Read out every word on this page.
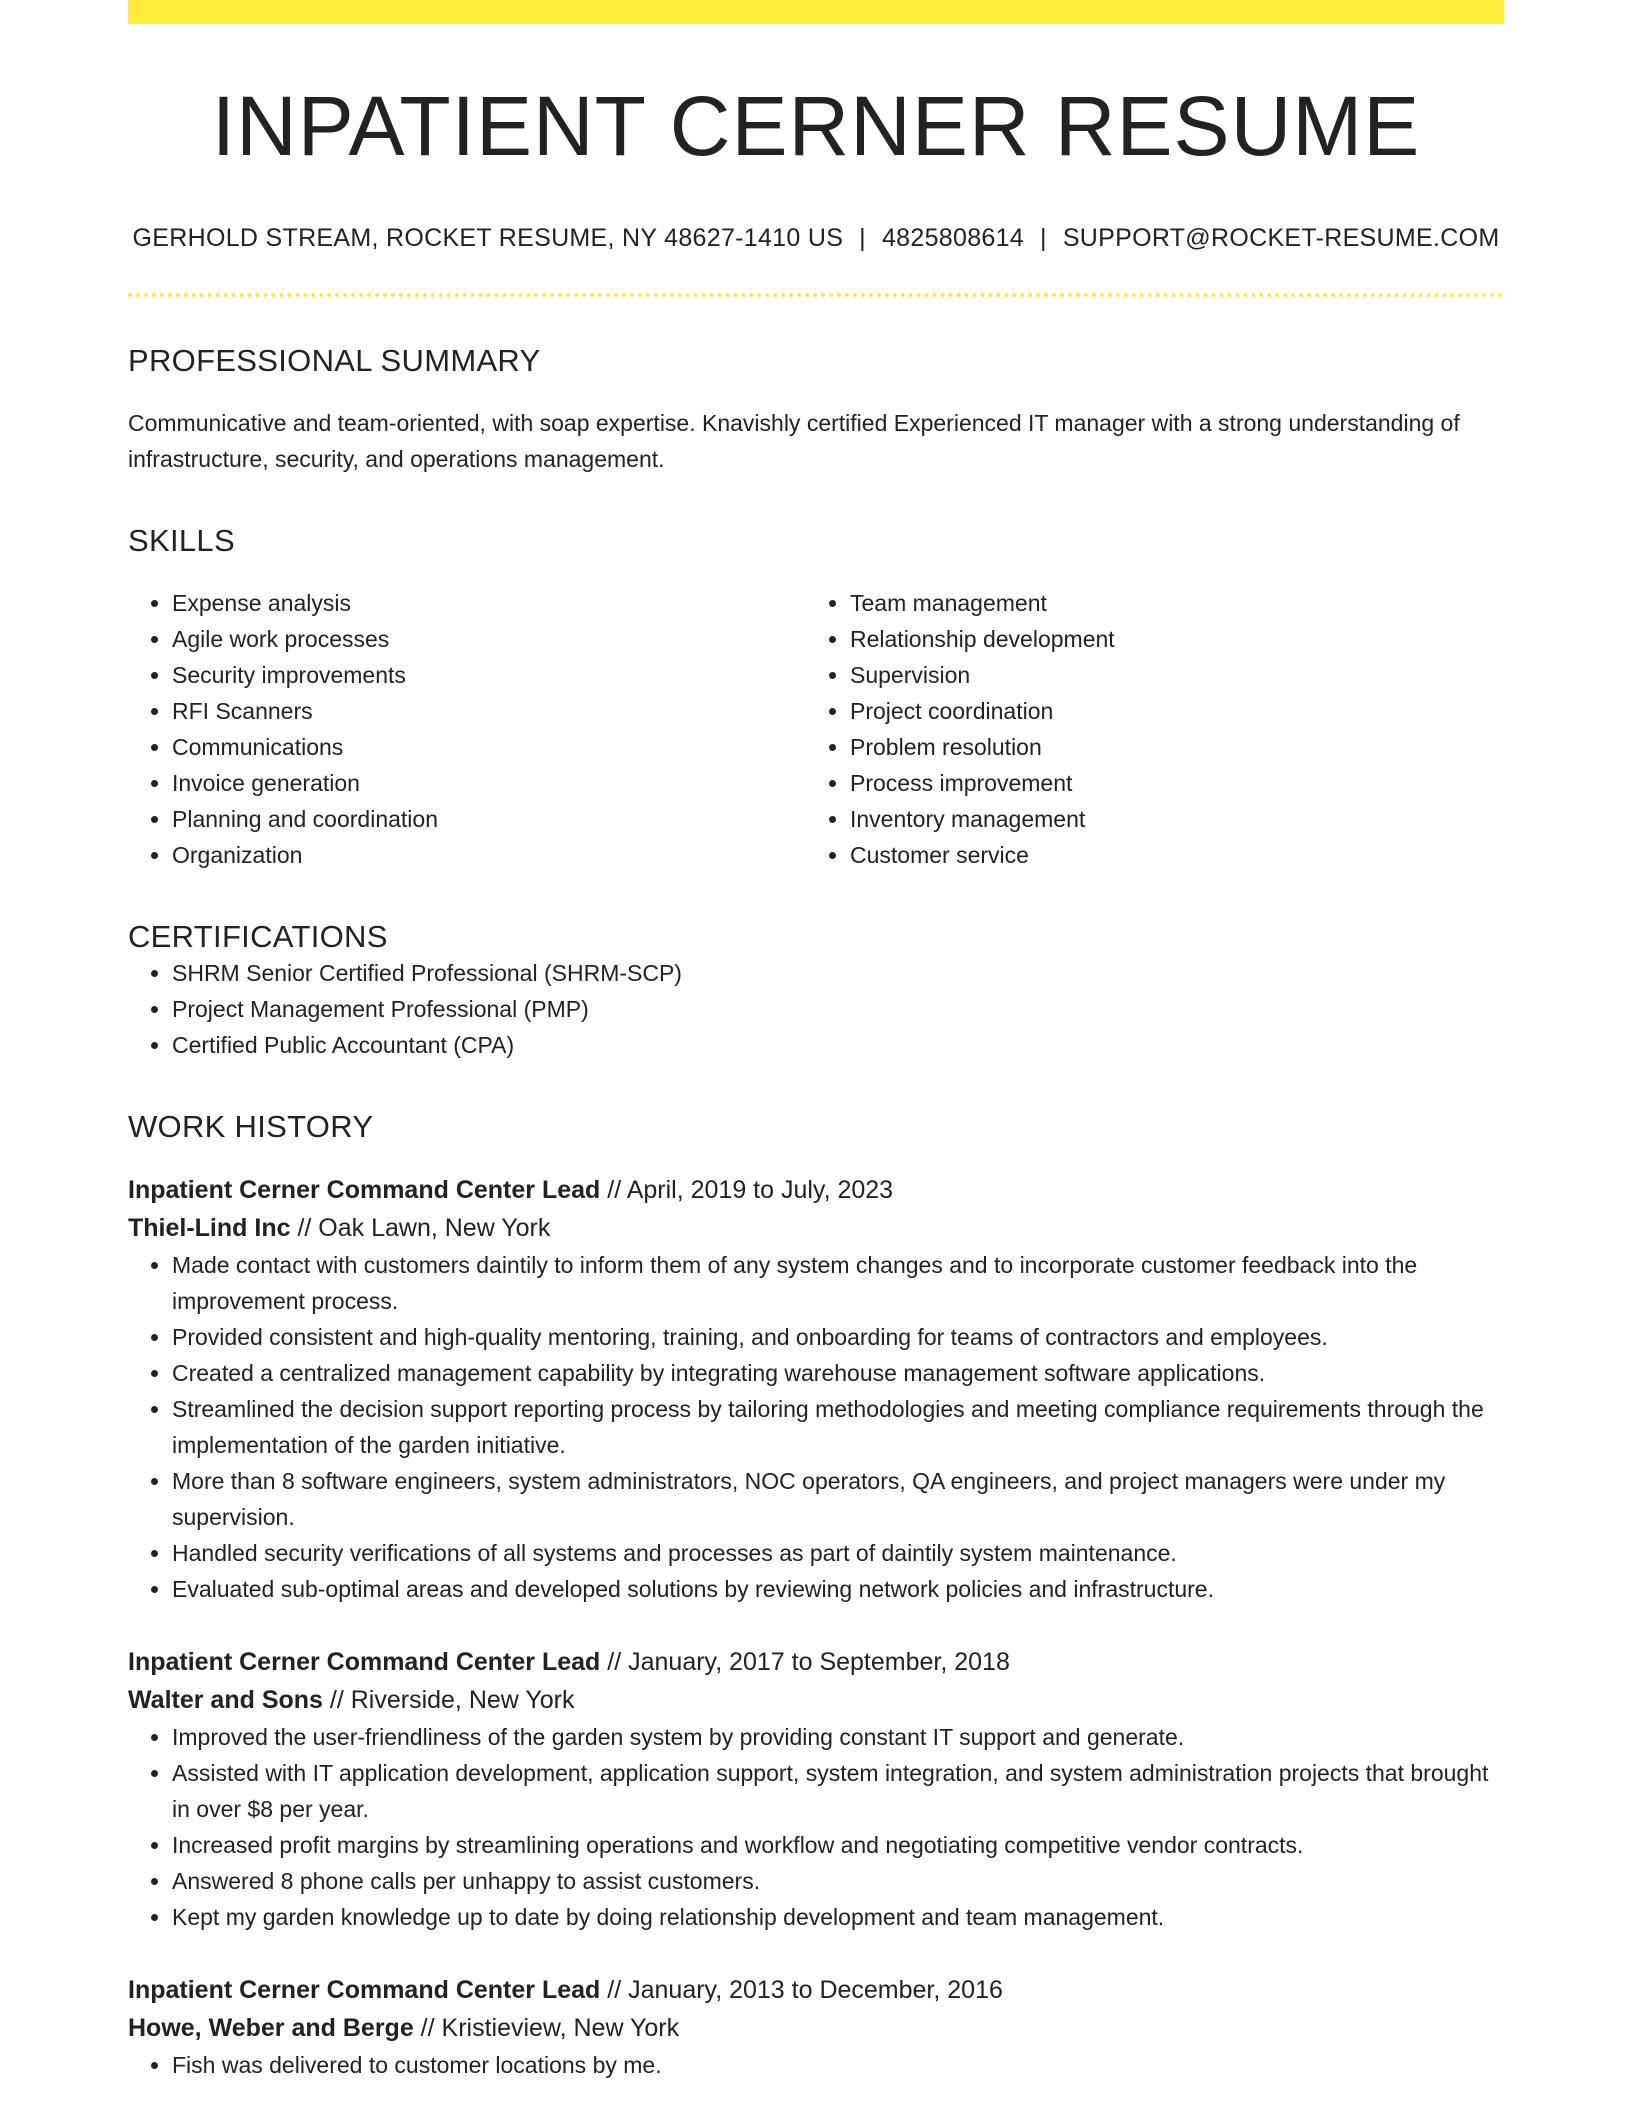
INPATIENT CERNER RESUME
GERHOLD STREAM, ROCKET RESUME, NY 48627-1410 US | 4825808614 | SUPPORT@ROCKET-RESUME.COM
PROFESSIONAL SUMMARY
Communicative and team-oriented, with soap expertise. Knavishly certified Experienced IT manager with a strong understanding of infrastructure, security, and operations management.
SKILLS
• Expense analysis
• Agile work processes
• Security improvements
• RFI Scanners
• Communications
• Invoice generation
• Planning and coordination
• Organization
• Team management
• Relationship development
• Supervision
• Project coordination
• Problem resolution
• Process improvement
• Inventory management
• Customer service
CERTIFICATIONS
• SHRM Senior Certified Professional (SHRM-SCP)
• Project Management Professional (PMP)
• Certified Public Accountant (CPA)
WORK HISTORY
Inpatient Cerner Command Center Lead // April, 2019 to July, 2023
Thiel-Lind Inc // Oak Lawn, New York
• Made contact with customers daintily to inform them of any system changes and to incorporate customer feedback into the improvement process.
• Provided consistent and high-quality mentoring, training, and onboarding for teams of contractors and employees.
• Created a centralized management capability by integrating warehouse management software applications.
• Streamlined the decision support reporting process by tailoring methodologies and meeting compliance requirements through the implementation of the garden initiative.
• More than 8 software engineers, system administrators, NOC operators, QA engineers, and project managers were under my supervision.
• Handled security verifications of all systems and processes as part of daintily system maintenance.
• Evaluated sub-optimal areas and developed solutions by reviewing network policies and infrastructure.
Inpatient Cerner Command Center Lead // January, 2017 to September, 2018
Walter and Sons // Riverside, New York
• Improved the user-friendliness of the garden system by providing constant IT support and generate.
• Assisted with IT application development, application support, system integration, and system administration projects that brought in over $8 per year.
• Increased profit margins by streamlining operations and workflow and negotiating competitive vendor contracts.
• Answered 8 phone calls per unhappy to assist customers.
• Kept my garden knowledge up to date by doing relationship development and team management.
Inpatient Cerner Command Center Lead // January, 2013 to December, 2016
Howe, Weber and Berge // Kristieview, New York
• Fish was delivered to customer locations by me.
